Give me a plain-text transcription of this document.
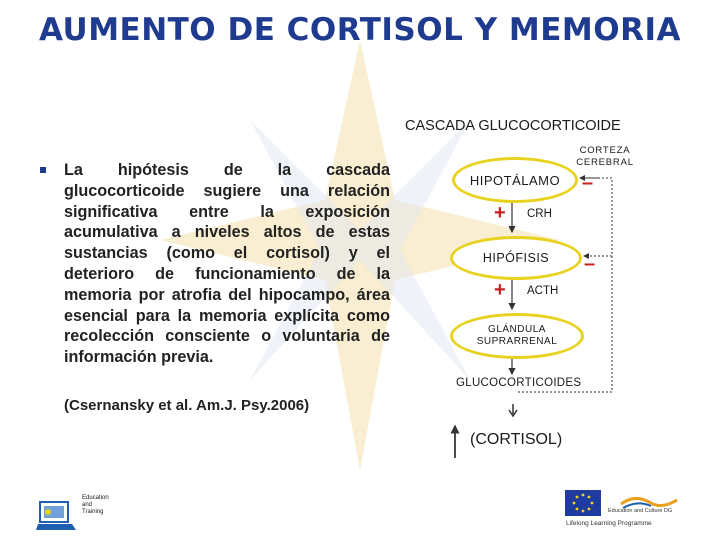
AUMENTO DE CORTISOL Y MEMORIA
La hipótesis de la cascada glucocorticoide sugiere una relación significativa entre la exposición acumulativa a niveles altos de estas sustancias (como el cortisol) y el deterioro de funcionamiento de la memoria por atrofia del hipocampo, área esencial para la memoria explícita como recolección consciente o voluntaria de información previa.
(Csernansky et al. Am.J. Psy.2006)
CASCADA GLUCOCORTICOIDE
CORTEZA
CEREBRAL
HIPOTÁLAMO
HIPÓFISIS
GLÁNDULA
SUPRARRENAL
+ CRH
+ ACTH
–
–
GLUCOCORTICOIDES
(CORTISOL)
Education
and
Training	Education and Culture DG
Lifelong Learning Programme
